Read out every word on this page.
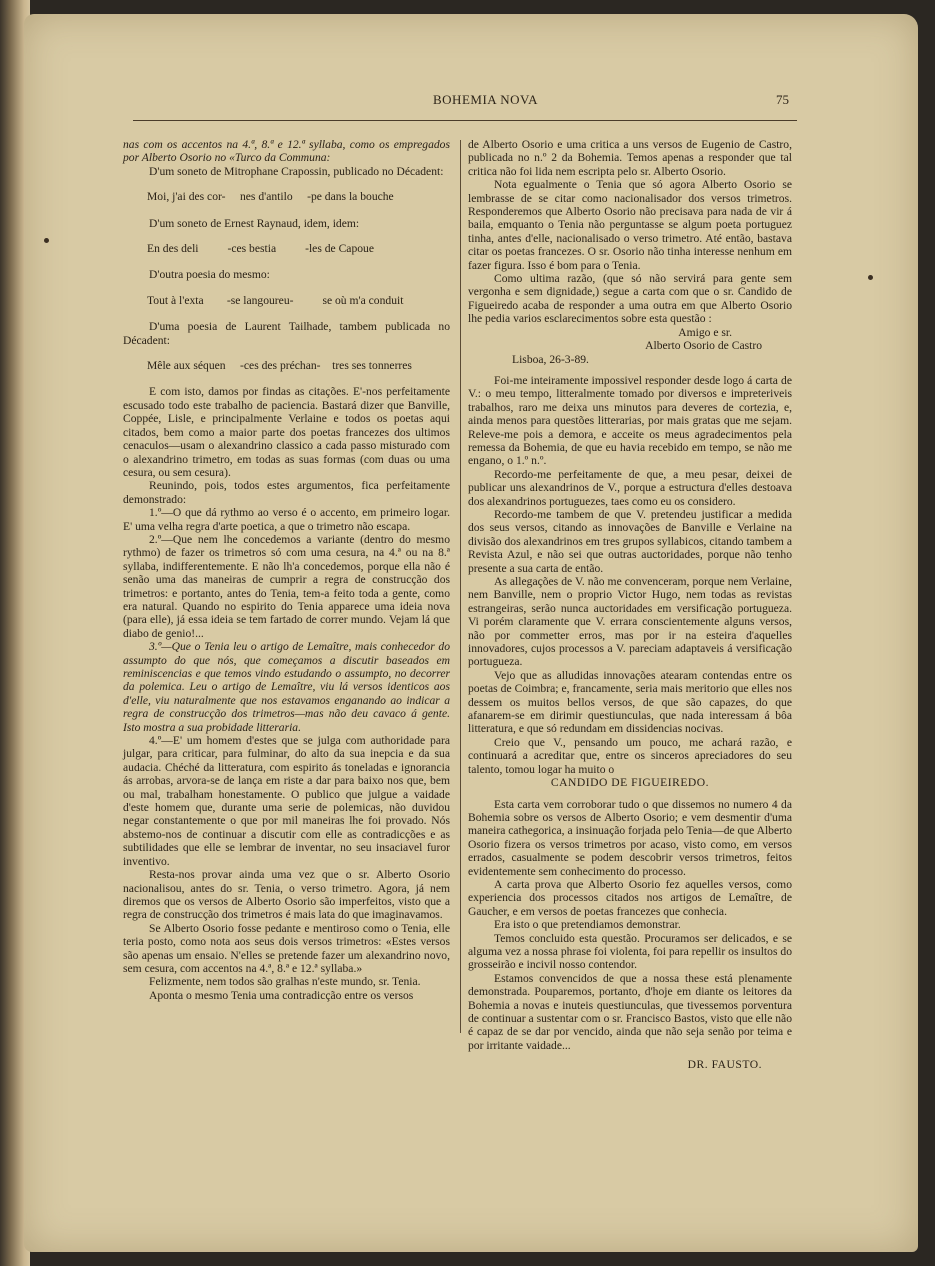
BOHEMIA NOVA	75

nas com os accentos na 4.ª, 8.ª e 12.ª syllaba, como os empregados por Alberto Osorio no «Turco da Communa:

D'um soneto de Mitrophane Crapossin, publicado no Décadent:

Moi, j'ai des cor-     nes d'antilo     -pe dans la bouche

D'um soneto de Ernest Raynaud, idem, idem:

En des deli          -ces bestia          -les de Capoue

D'outra poesia do mesmo:

Tout à l'exta        -se langoureu-          se où m'a conduit

D'uma poesia de Laurent Tailhade, tambem publicada no Décadent:

Mêle aux séquen     -ces des préchan-    tres ses tonnerres

E com isto, damos por findas as citações. E'-nos perfeitamente escusado todo este trabalho de paciencia. Bastará dizer que Banville, Coppée, Lisle, e principalmente Verlaine e todos os poetas aqui citados, bem como a maior parte dos poetas francezes dos ultimos cenaculos—usam o alexandrino classico a cada passo misturado com o alexandrino trimetro, em todas as suas formas (com duas ou uma cesura, ou sem cesura).

Reunindo, pois, todos estes argumentos, fica perfeitamente demonstrado:

1.º—O que dá rythmo ao verso é o accento, em primeiro logar. E' uma velha regra d'arte poetica, a que o trimetro não escapa.

2.º—Que nem lhe concedemos a variante (dentro do mesmo rythmo) de fazer os trimetros só com uma cesura, na 4.ª ou na 8.ª syllaba, indifferentemente. E não lh'a concedemos, porque ella não é senão uma das maneiras de cumprir a regra de construcção dos trimetros: e portanto, antes do Tenia, tem-a feito toda a gente, como era natural. Quando no espirito do Tenia apparece uma ideia nova (para elle), já essa ideia se tem fartado de correr mundo. Vejam lá que diabo de genio!...

3.º—Que o Tenia leu o artigo de Lemaître, mais conhecedor do assumpto do que nós, que começamos a discutir baseados em reminiscencias e que temos vindo estudando o assumpto, no decorrer da polemica. Leu o artigo de Lemaître, viu lá versos identicos aos d'elle, viu naturalmente que nos estavamos enganando ao indicar a regra de construcção dos trimetros—mas não deu cavaco á gente. Isto mostra a sua probidade litteraria.

4.º—E' um homem d'estes que se julga com authoridade para julgar, para criticar, para fulminar, do alto da sua inepcia e da sua audacia. Chéché da litteratura, com espirito ás toneladas e ignorancia ás arrobas, arvora-se de lança em riste a dar para baixo nos que, bem ou mal, trabalham honestamente. O publico que julgue a vaidade d'este homem que, durante uma serie de polemicas, não duvidou negar constantemente o que por mil maneiras lhe foi provado. Nós abstemo-nos de continuar a discutir com elle as contradicções e as subtilidades que elle se lembrar de inventar, no seu insaciavel furor inventivo.

Resta-nos provar ainda uma vez que o sr. Alberto Osorio nacionalisou, antes do sr. Tenia, o verso trimetro. Agora, já nem diremos que os versos de Alberto Osorio são imperfeitos, visto que a regra de construcção dos trimetros é mais lata do que imaginavamos.

Se Alberto Osorio fosse pedante e mentiroso como o Tenia, elle teria posto, como nota aos seus dois versos trimetros: «Estes versos são apenas um ensaio. N'elles se pretende fazer um alexandrino novo, sem cesura, com accentos na 4.ª, 8.ª e 12.ª syllaba.»

Felizmente, nem todos são gralhas n'este mundo, sr. Tenia.

Aponta o mesmo Tenia uma contradicção entre os versos

de Alberto Osorio e uma critica a uns versos de Eugenio de Castro, publicada no n.º 2 da Bohemia. Temos apenas a responder que tal critica não foi lida nem escripta pelo sr. Alberto Osorio.

Nota egualmente o Tenia que só agora Alberto Osorio se lembrasse de se citar como nacionalisador dos versos trimetros. Responderemos que Alberto Osorio não precisava para nada de vir á baila, emquanto o Tenia não perguntasse se algum poeta portuguez tinha, antes d'elle, nacionalisado o verso trimetro. Até então, bastava citar os poetas francezes. O sr. Osorio não tinha interesse nenhum em fazer figura. Isso é bom para o Tenia.

Como ultima razão, (que só não servirá para gente sem vergonha e sem dignidade,) segue a carta com que o sr. Candido de Figueiredo acaba de responder a uma outra em que Alberto Osorio lhe pedia varios esclarecimentos sobre esta questão :

Amigo e sr.

Alberto Osorio de Castro

Lisboa, 26-3-89.

Foi-me inteiramente impossivel responder desde logo á carta de V.: o meu tempo, litteralmente tomado por diversos e impreteriveis trabalhos, raro me deixa uns minutos para deveres de cortezia, e, ainda menos para questões litterarias, por mais gratas que me sejam. Releve-me pois a demora, e acceite os meus agradecimentos pela remessa da Bohemia, de que eu havia recebido em tempo, se não me engano, o 1.º n.º.

Recordo-me perfeitamente de que, a meu pesar, deixei de publicar uns alexandrinos de V., porque a estructura d'elles destoava dos alexandrinos portuguezes, taes como eu os considero.

Recordo-me tambem de que V. pretendeu justificar a medida dos seus versos, citando as innovações de Banville e Verlaine na divisão dos alexandrinos em tres grupos syllabicos, citando tambem a Revista Azul, e não sei que outras auctoridades, porque não tenho presente a sua carta de então.

As allegações de V. não me convenceram, porque nem Verlaine, nem Banville, nem o proprio Victor Hugo, nem todas as revistas estrangeiras, serão nunca auctoridades em versificação portugueza. Vi porém claramente que V. errara conscientemente alguns versos, não por commetter erros, mas por ir na esteira d'aquelles innovadores, cujos processos a V. pareciam adaptaveis á versificação portugueza.

Vejo que as alludidas innovações atearam contendas entre os poetas de Coimbra; e, francamente, seria mais meritorio que elles nos dessem os muitos bellos versos, de que são capazes, do que afanarem-se em dirimir questiunculas, que nada interessam á bôa litteratura, e que só redundam em dissidencias nocivas.

Creio que V., pensando um pouco, me achará razão, e continuará a acreditar que, entre os sinceros apreciadores do seu talento, tomou logar ha muito o

CANDIDO DE FIGUEIREDO.

Esta carta vem corroborar tudo o que dissemos no numero 4 da Bohemia sobre os versos de Alberto Osorio; e vem desmentir d'uma maneira cathegorica, a insinuação forjada pelo Tenia—de que Alberto Osorio fizera os versos trimetros por acaso, visto como, em versos errados, casualmente se podem descobrir versos trimetros, feitos evidentemente sem conhecimento do processo.

A carta prova que Alberto Osorio fez aquelles versos, como experiencia dos processos citados nos artigos de Lemaître, de Gaucher, e em versos de poetas francezes que conhecia.

Era isto o que pretendiamos demonstrar.

Temos concluido esta questão. Procuramos ser delicados, e se alguma vez a nossa phrase foi violenta, foi para repellir os insultos do grosseirão e incivil nosso contendor.

Estamos convencidos de que a nossa these está plenamente demonstrada. Pouparemos, portanto, d'hoje em diante os leitores da Bohemia a novas e inuteis questiunculas, que tivessemos porventura de continuar a sustentar com o sr. Francisco Bastos, visto que elle não é capaz de se dar por vencido, ainda que não seja senão por teima e por irritante vaidade...

DR. FAUSTO.
